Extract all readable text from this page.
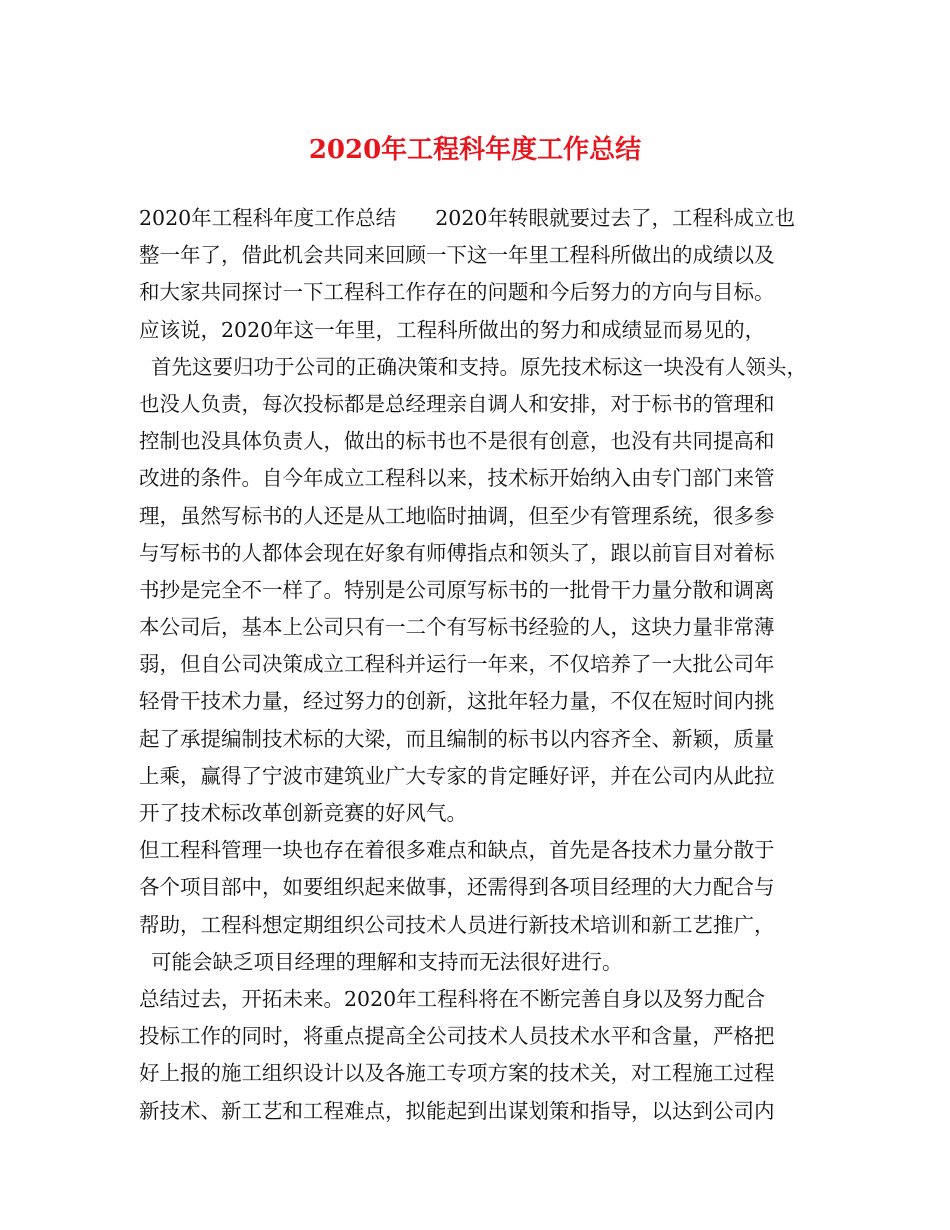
2020年工程科年度工作总结
2020年工程科年度工作总结      2020年转眼就要过去了，工程科成立也
整一年了，借此机会共同来回顾一下这一年里工程科所做出的成绩以及
和大家共同探讨一下工程科工作存在的问题和今后努力的方向与目标。
应该说，2020年这一年里，工程科所做出的努力和成绩显而易见的，
首先这要归功于公司的正确决策和支持。原先技术标这一块没有人领头，
也没人负责，每次投标都是总经理亲自调人和安排，对于标书的管理和
控制也没具体负责人，做出的标书也不是很有创意，也没有共同提高和
改进的条件。自今年成立工程科以来，技术标开始纳入由专门部门来管
理，虽然写标书的人还是从工地临时抽调，但至少有管理系统，很多参
与写标书的人都体会现在好象有师傅指点和领头了，跟以前盲目对着标
书抄是完全不一样了。特别是公司原写标书的一批骨干力量分散和调离
本公司后，基本上公司只有一二个有写标书经验的人，这块力量非常薄
弱，但自公司决策成立工程科并运行一年来，不仅培养了一大批公司年
轻骨干技术力量，经过努力的创新，这批年轻力量，不仅在短时间内挑
起了承提编制技术标的大梁，而且编制的标书以内容齐全、新颖，质量
上乘，赢得了宁波市建筑业广大专家的肯定睡好评，并在公司内从此拉
开了技术标改革创新竞赛的好风气。
但工程科管理一块也存在着很多难点和缺点，首先是各技术力量分散于
各个项目部中，如要组织起来做事，还需得到各项目经理的大力配合与
帮助，工程科想定期组织公司技术人员进行新技术培训和新工艺推广，
可能会缺乏项目经理的理解和支持而无法很好进行。
总结过去，开拓未来。2020年工程科将在不断完善自身以及努力配合
投标工作的同时，将重点提高全公司技术人员技术水平和含量，严格把
好上报的施工组织设计以及各施工专项方案的技术关，对工程施工过程
新技术、新工艺和工程难点，拟能起到出谋划策和指导，以达到公司内
